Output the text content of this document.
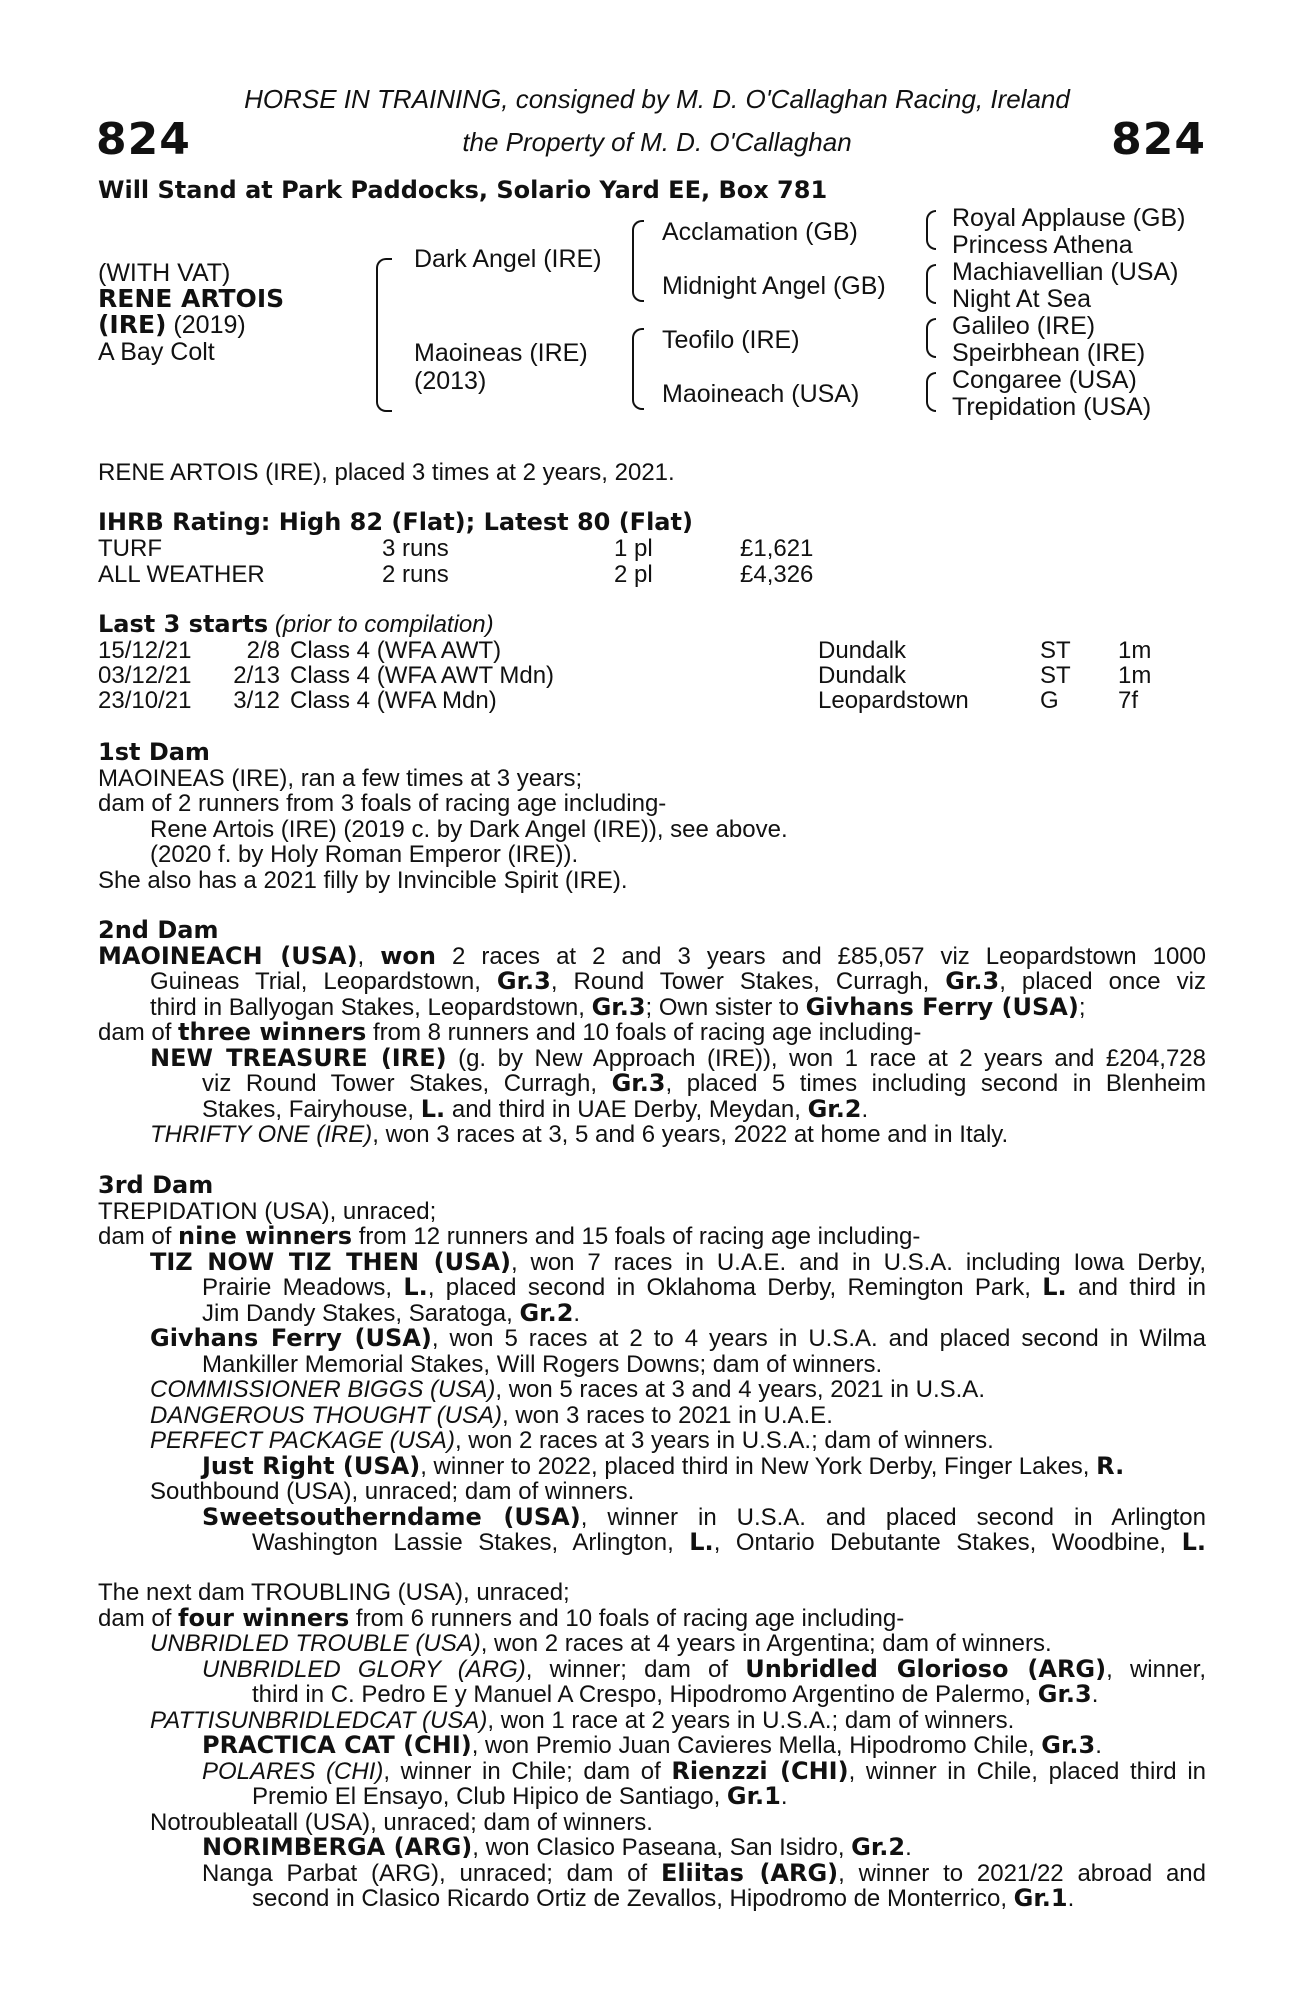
HORSE IN TRAINING, consigned by M. D. O'Callaghan Racing, Ireland
the Property of M. D. O'Callaghan
824	824
Will Stand at Park Paddocks, Solario Yard EE, Box 781
(WITH VAT)
RENE ARTOIS
(IRE) (2019)
A Bay Colt
Dark Angel (IRE)
Maoineas (IRE)
(2013)
Acclamation (GB)
Midnight Angel (GB)
Teofilo (IRE)
Maoineach (USA)
Royal Applause (GB)
Princess Athena
Machiavellian (USA)
Night At Sea
Galileo (IRE)
Speirbhean (IRE)
Congaree (USA)
Trepidation (USA)
RENE ARTOIS (IRE), placed 3 times at 2 years, 2021.
IHRB Rating: High 82 (Flat); Latest 80 (Flat)
TURF	3 runs	1 pl	£1,621
ALL WEATHER	2 runs	2 pl	£4,326
Last 3 starts (prior to compilation)
15/12/21	2/8 Class 4 (WFA AWT)	Dundalk	ST 1m
03/12/21 2/13 Class 4 (WFA AWT Mdn)	Dundalk	ST 1m
23/10/21 3/12 Class 4 (WFA Mdn)	Leopardstown	G 7f
1st Dam
MAOINEAS (IRE), ran a few times at 3 years;
dam of 2 runners from 3 foals of racing age including-
Rene Artois (IRE) (2019 c. by Dark Angel (IRE)), see above.
(2020 f. by Holy Roman Emperor (IRE)).
She also has a 2021 filly by Invincible Spirit (IRE).
2nd Dam
MAOINEACH (USA), won 2 races at 2 and 3 years and £85,057 viz Leopardstown 1000
Guineas Trial, Leopardstown, Gr.3, Round Tower Stakes, Curragh, Gr.3, placed once viz
third in Ballyogan Stakes, Leopardstown, Gr.3; Own sister to Givhans Ferry (USA);
dam of three winners from 8 runners and 10 foals of racing age including-
NEW TREASURE (IRE) (g. by New Approach (IRE)), won 1 race at 2 years and £204,728
viz Round Tower Stakes, Curragh, Gr.3, placed 5 times including second in Blenheim
Stakes, Fairyhouse, L. and third in UAE Derby, Meydan, Gr.2.
THRIFTY ONE (IRE), won 3 races at 3, 5 and 6 years, 2022 at home and in Italy.
3rd Dam
TREPIDATION (USA), unraced;
dam of nine winners from 12 runners and 15 foals of racing age including-
TIZ NOW TIZ THEN (USA), won 7 races in U.A.E. and in U.S.A. including Iowa Derby,
Prairie Meadows, L., placed second in Oklahoma Derby, Remington Park, L. and third in
Jim Dandy Stakes, Saratoga, Gr.2.
Givhans Ferry (USA), won 5 races at 2 to 4 years in U.S.A. and placed second in Wilma
Mankiller Memorial Stakes, Will Rogers Downs; dam of winners.
COMMISSIONER BIGGS (USA), won 5 races at 3 and 4 years, 2021 in U.S.A.
DANGEROUS THOUGHT (USA), won 3 races to 2021 in U.A.E.
PERFECT PACKAGE (USA), won 2 races at 3 years in U.S.A.; dam of winners.
Just Right (USA), winner to 2022, placed third in New York Derby, Finger Lakes, R.
Southbound (USA), unraced; dam of winners.
Sweetsoutherndame (USA), winner in U.S.A. and placed second in Arlington
Washington Lassie Stakes, Arlington, L., Ontario Debutante Stakes, Woodbine, L.
The next dam TROUBLING (USA), unraced;
dam of four winners from 6 runners and 10 foals of racing age including-
UNBRIDLED TROUBLE (USA), won 2 races at 4 years in Argentina; dam of winners.
UNBRIDLED GLORY (ARG), winner; dam of Unbridled Glorioso (ARG), winner,
third in C. Pedro E y Manuel A Crespo, Hipodromo Argentino de Palermo, Gr.3.
PATTISUNBRIDLEDCAT (USA), won 1 race at 2 years in U.S.A.; dam of winners.
PRACTICA CAT (CHI), won Premio Juan Cavieres Mella, Hipodromo Chile, Gr.3.
POLARES (CHI), winner in Chile; dam of Rienzzi (CHI), winner in Chile, placed third in
Premio El Ensayo, Club Hipico de Santiago, Gr.1.
Notroubleatall (USA), unraced; dam of winners.
NORIMBERGA (ARG), won Clasico Paseana, San Isidro, Gr.2.
Nanga Parbat (ARG), unraced; dam of Eliitas (ARG), winner to 2021/22 abroad and
second in Clasico Ricardo Ortiz de Zevallos, Hipodromo de Monterrico, Gr.1.
